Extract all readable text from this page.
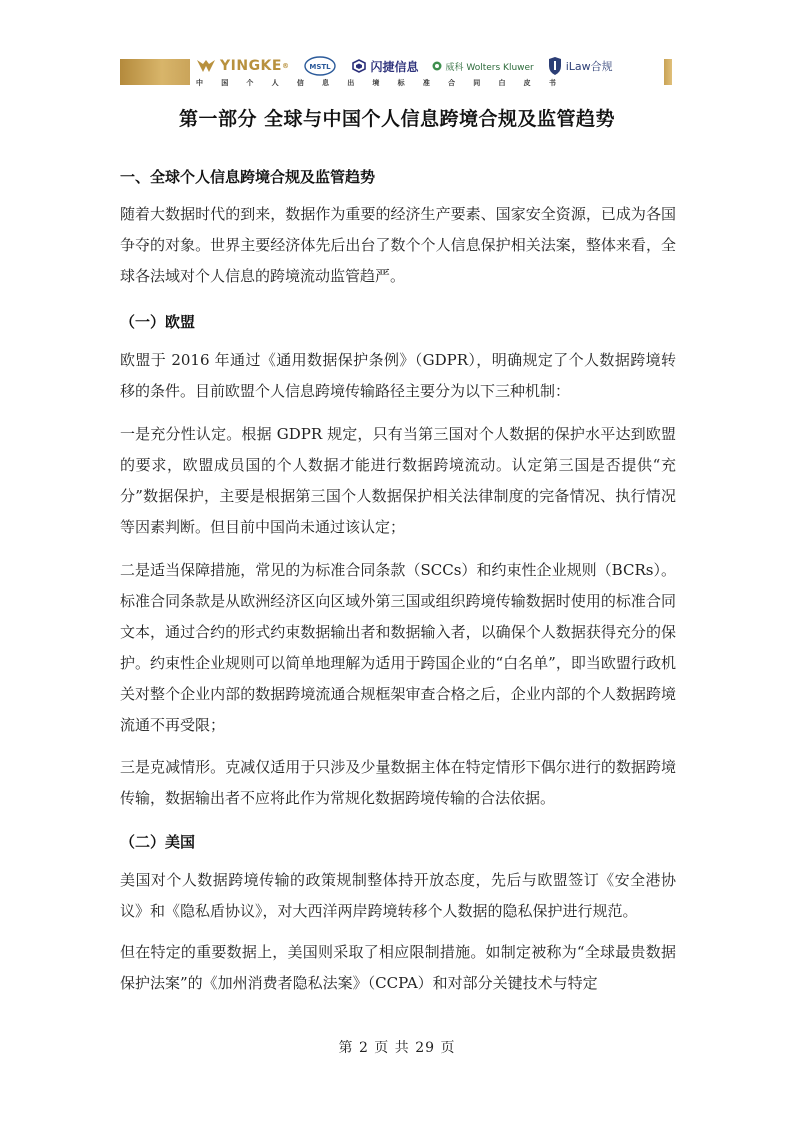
YINGKE ®	MSTL	闪捷信息	威科 Wolters Kluwer	iLaw合规
中	国	个	人	信	息	出	境	标	准	合	同	白	皮	书
第一部分 全球与中国个人信息跨境合规及监管趋势
一、全球个人信息跨境合规及监管趋势
随着大数据时代的到来，数据作为重要的经济生产要素、国家安全资源，已成为各国争夺的对象。世界主要经济体先后出台了数个个人信息保护相关法案，整体来看，全球各法域对个人信息的跨境流动监管趋严。
（一）欧盟
欧盟于 2016 年通过《通用数据保护条例》（GDPR），明确规定了个人数据跨境转移的条件。目前欧盟个人信息跨境传输路径主要分为以下三种机制：
一是充分性认定。根据 GDPR 规定，只有当第三国对个人数据的保护水平达到欧盟的要求，欧盟成员国的个人数据才能进行数据跨境流动。认定第三国是否提供“充分”数据保护，主要是根据第三国个人数据保护相关法律制度的完备情况、执行情况等因素判断。但目前中国尚未通过该认定；
二是适当保障措施，常见的为标准合同条款（SCCs）和约束性企业规则（BCRs）。标准合同条款是从欧洲经济区向区域外第三国或组织跨境传输数据时使用的标准合同文本，通过合约的形式约束数据输出者和数据输入者，以确保个人数据获得充分的保护。约束性企业规则可以简单地理解为适用于跨国企业的“白名单”，即当欧盟行政机关对整个企业内部的数据跨境流通合规框架审查合格之后，企业内部的个人数据跨境流通不再受限；
三是克减情形。克减仅适用于只涉及少量数据主体在特定情形下偶尔进行的数据跨境传输，数据输出者不应将此作为常规化数据跨境传输的合法依据。
（二）美国
美国对个人数据跨境传输的政策规制整体持开放态度，先后与欧盟签订《安全港协议》和《隐私盾协议》，对大西洋两岸跨境转移个人数据的隐私保护进行规范。
但在特定的重要数据上，美国则采取了相应限制措施。如制定被称为“全球最贵数据保护法案”的《加州消费者隐私法案》（CCPA）和对部分关键技术与特定
第 2 页 共 29 页
